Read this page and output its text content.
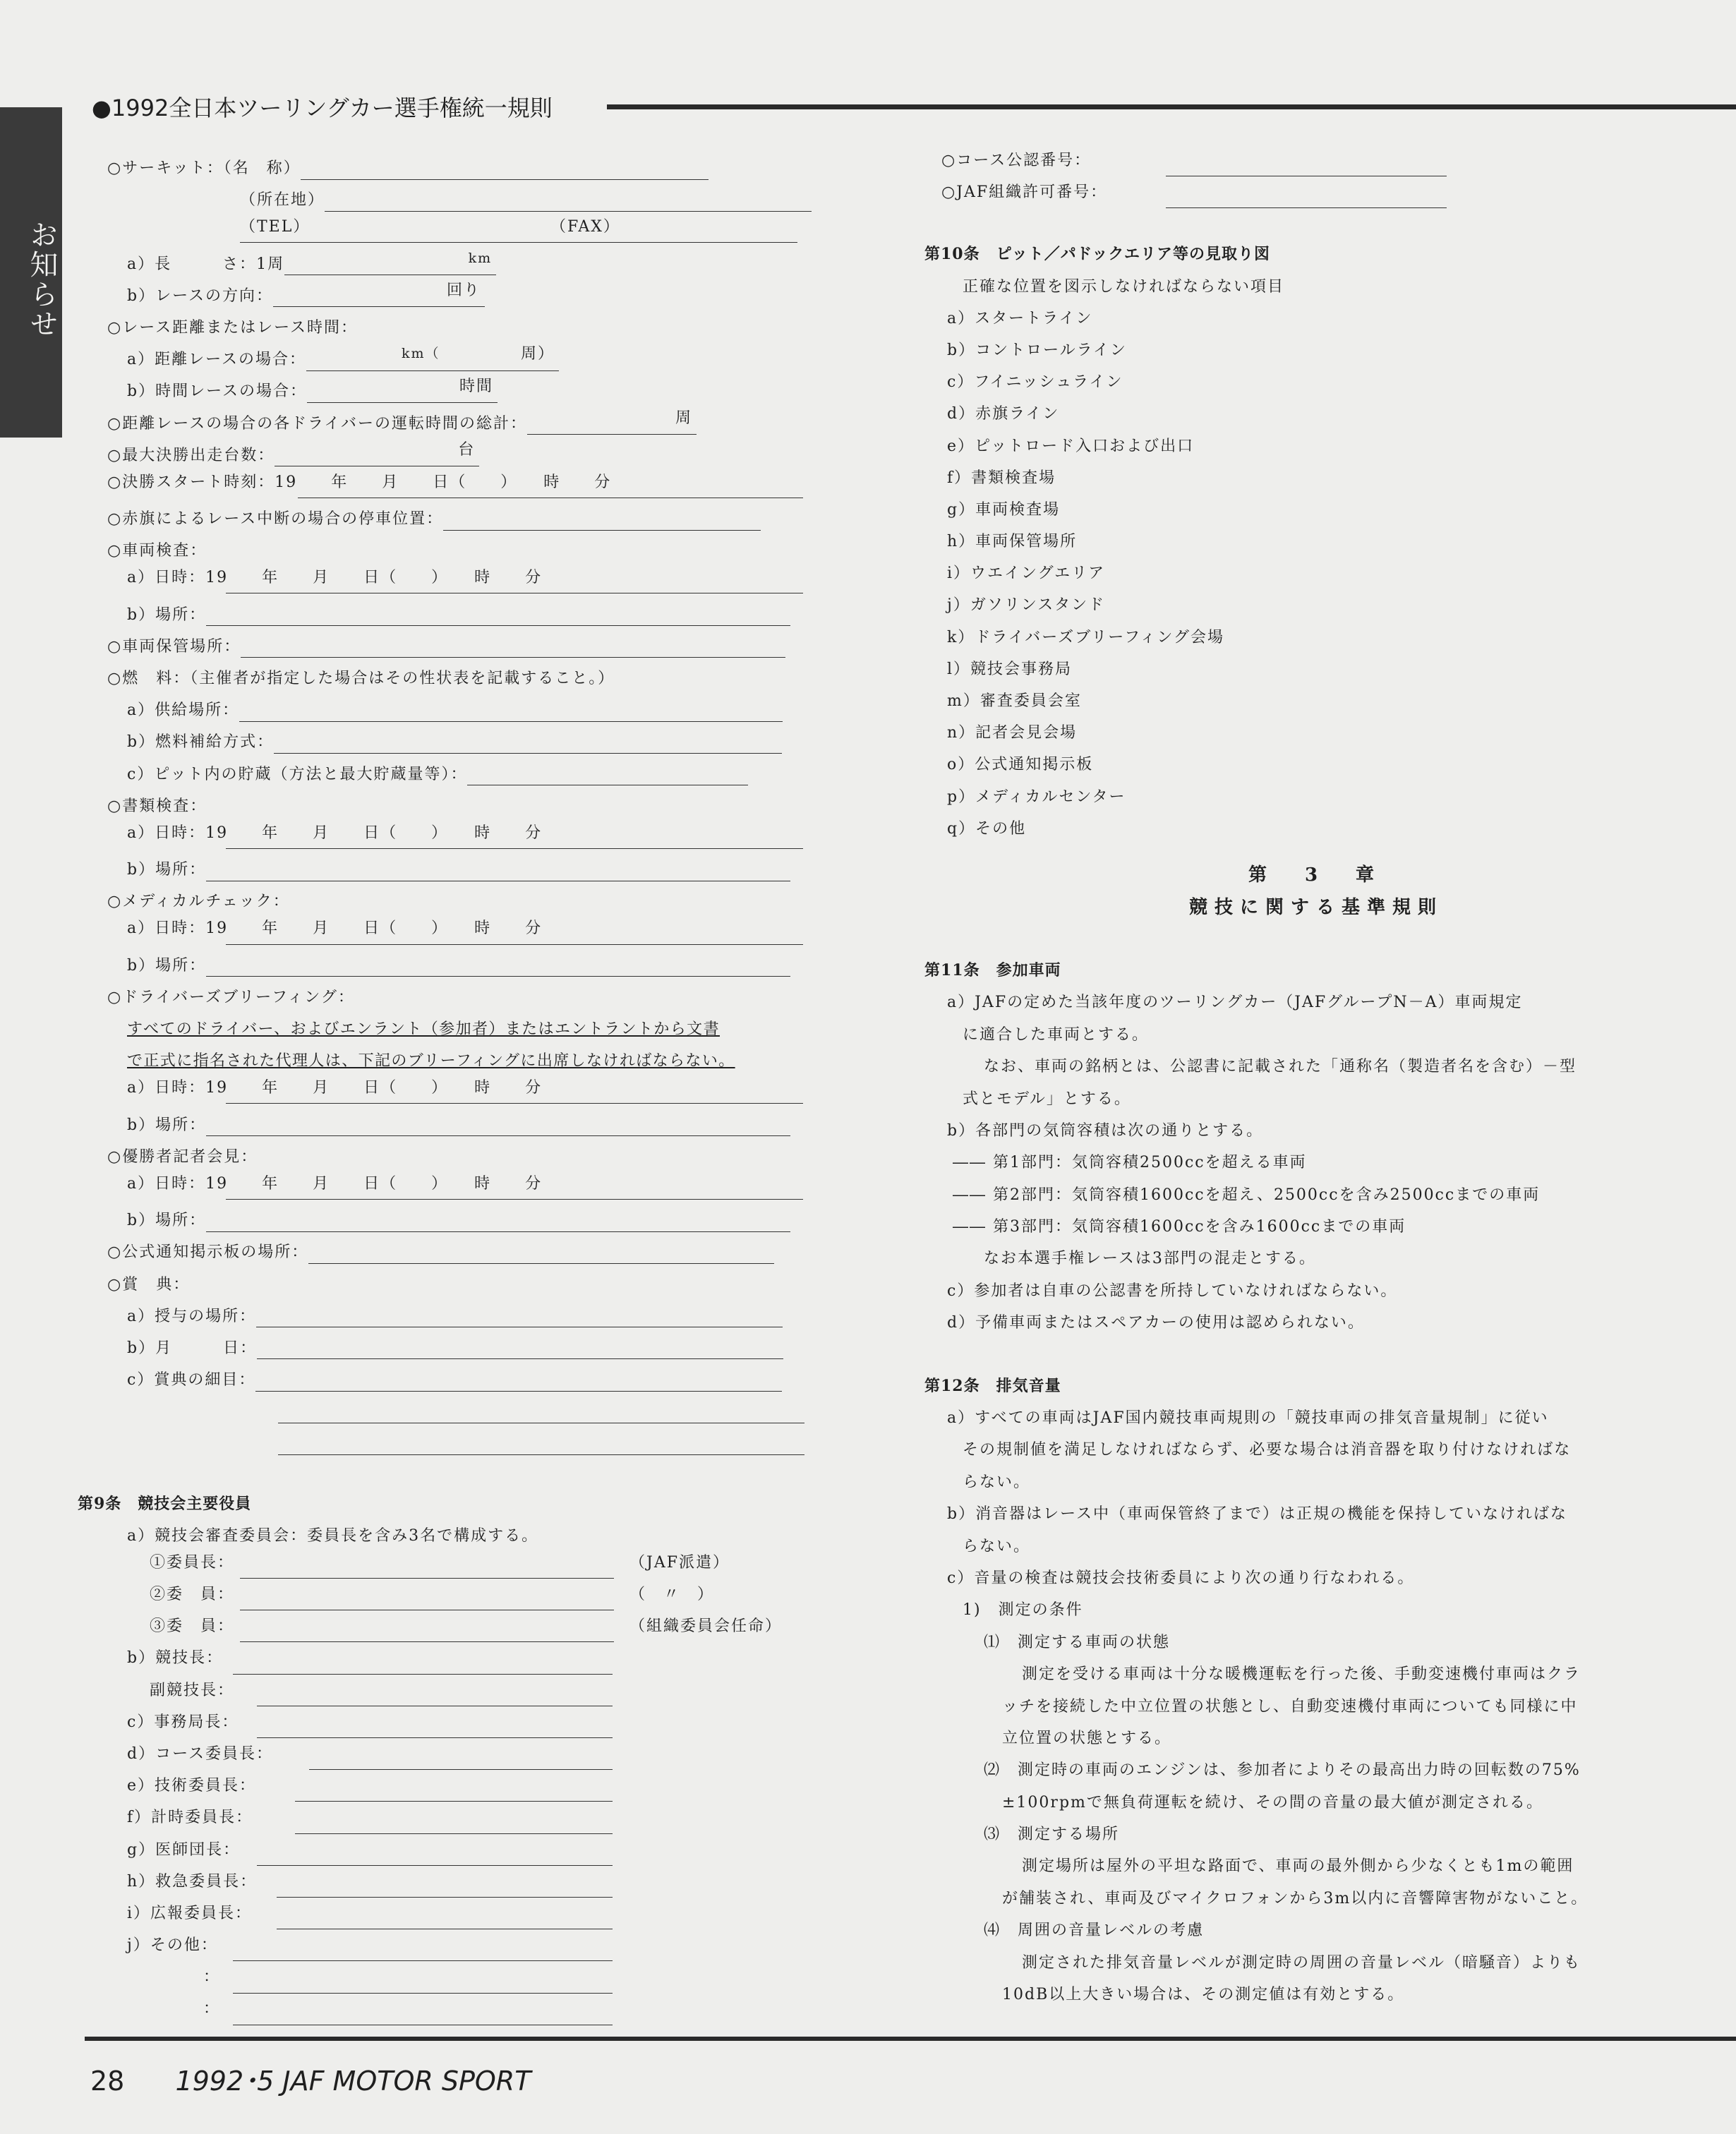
お知らせ
●1992全日本ツーリングカー選手権統一規則
○サーキット：（名　称）
（所在地）
（TEL）	（FAX）
a）長　　　さ：1周	km
b）レースの方向：	回り
○レース距離またはレース時間：
a）距離レースの場合：	km（	周）
b）時間レースの場合：	時間
○距離レースの場合の各ドライバーの運転時間の総計：	周
○最大決勝出走台数：	台
○決勝スタート時刻：19　　年　　月　　日（　　）　　時　　分
○赤旗によるレース中断の場合の停車位置：
○車両検査：
a）日時：19　　年　　月　　日（　　）　　時　　分
b）場所：
○車両保管場所：
○燃　料：（主催者が指定した場合はその性状表を記載すること。）
a）供給場所：
b）燃料補給方式：
c）ピット内の貯蔵（方法と最大貯蔵量等）：
○書類検査：
a）日時：19　　年　　月　　日（　　）　　時　　分
b）場所：
○メディカルチェック：
a）日時：19　　年　　月　　日（　　）　　時　　分
b）場所：
○ドライバーズブリーフィング：
すべてのドライバー、およびエンラント（参加者）またはエントラントから文書
で正式に指名された代理人は、下記のブリーフィングに出席しなければならない。
a）日時：19　　年　　月　　日（　　）　　時　　分
b）場所：
○優勝者記者会見：
a）日時：19　　年　　月　　日（　　）　　時　　分
b）場所：
○公式通知掲示板の場所：
○賞　典：
a）授与の場所：
b）月　　　日：
c）賞典の細目：
第9条　競技会主要役員
a）競技会審査委員会：委員長を含み3名で構成する。
①委員長：	（JAF派遣）
②委　員：	（　〃　）
③委　員：	（組織委員会任命）
b）競技長：
副競技長：
c）事務局長：
d）コース委員長：
e）技術委員長：
f）計時委員長：
g）医師団長：
h）救急委員長：
i）広報委員長：
j）その他：
：
：
○コース公認番号：
○JAF組織許可番号：
第10条　ピット／パドックエリア等の見取り図
正確な位置を図示しなければならない項目
a）スタートライン
b）コントロールライン
c）フイニッシュライン
d）赤旗ライン
e）ピットロード入口および出口
f）書類検査場
g）車両検査場
h）車両保管場所
i）ウエイングエリア
j）ガソリンスタンド
k）ドライバーズブリーフィング会場
l）競技会事務局
m）審査委員会室
n）記者会見会場
o）公式通知掲示板
p）メディカルセンター
q）その他
第　3　章
競技に関する基準規則
第11条　参加車両
a）JAFの定めた当該年度のツーリングカー（JAFグループN－A）車両規定
に適合した車両とする。
なお、車両の銘柄とは、公認書に記載された「通称名（製造者名を含む）－型
式とモデル」とする。
b）各部門の気筒容積は次の通りとする。
―― 第1部門：気筒容積2500ccを超える車両
―― 第2部門：気筒容積1600ccを超え、2500ccを含み2500ccまでの車両
―― 第3部門：気筒容積1600ccを含み1600ccまでの車両
なお本選手権レースは3部門の混走とする。
c）参加者は自車の公認書を所持していなければならない。
d）予備車両またはスペアカーの使用は認められない。
第12条　排気音量
a）すべての車両はJAF国内競技車両規則の「競技車両の排気音量規制」に従い
その規制値を満足しなければならず、必要な場合は消音器を取り付けなければな
らない。
b）消音器はレース中（車両保管終了まで）は正規の機能を保持していなければな
らない。
c）音量の検査は競技会技術委員により次の通り行なわれる。
1)　測定の条件
⑴　測定する車両の状態
測定を受ける車両は十分な暖機運転を行った後、手動変速機付車両はクラ
ッチを接続した中立位置の状態とし、自動変速機付車両についても同様に中
立位置の状態とする。
⑵　測定時の車両のエンジンは、参加者によりその最高出力時の回転数の75%
±100rpmで無負荷運転を続け、その間の音量の最大値が測定される。
⑶　測定する場所
測定場所は屋外の平坦な路面で、車両の最外側から少なくとも1mの範囲
が舗装され、車両及びマイクロフォンから3m以内に音響障害物がないこと。
⑷　周囲の音量レベルの考慮
測定された排気音量レベルが測定時の周囲の音量レベル（暗騒音）よりも
10dB以上大きい場合は、その測定値は有効とする。
28 1992･5 JAF MOTOR SPORT
